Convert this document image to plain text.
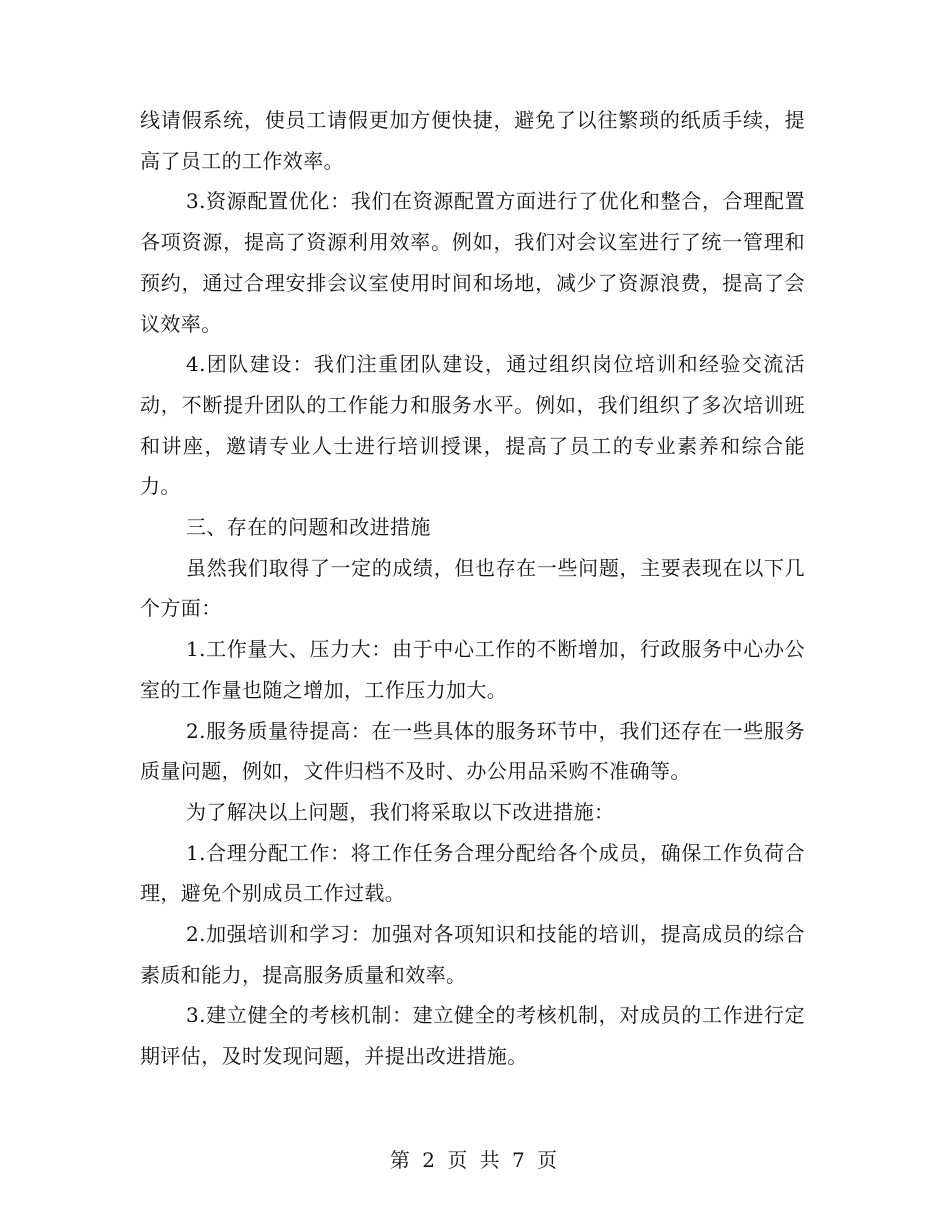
线请假系统，使员工请假更加方便快捷，避免了以往繁琐的纸质手续，提高了员工的工作效率。

3.资源配置优化：我们在资源配置方面进行了优化和整合，合理配置各项资源，提高了资源利用效率。例如，我们对会议室进行了统一管理和预约，通过合理安排会议室使用时间和场地，减少了资源浪费，提高了会议效率。

4.团队建设：我们注重团队建设，通过组织岗位培训和经验交流活动，不断提升团队的工作能力和服务水平。例如，我们组织了多次培训班和讲座，邀请专业人士进行培训授课，提高了员工的专业素养和综合能力。

三、存在的问题和改进措施

虽然我们取得了一定的成绩，但也存在一些问题，主要表现在以下几个方面：

1.工作量大、压力大：由于中心工作的不断增加，行政服务中心办公室的工作量也随之增加，工作压力加大。

2.服务质量待提高：在一些具体的服务环节中，我们还存在一些服务质量问题，例如，文件归档不及时、办公用品采购不准确等。

为了解决以上问题，我们将采取以下改进措施：

1.合理分配工作：将工作任务合理分配给各个成员，确保工作负荷合理，避免个别成员工作过载。

2.加强培训和学习：加强对各项知识和技能的培训，提高成员的综合素质和能力，提高服务质量和效率。

3.建立健全的考核机制：建立健全的考核机制，对成员的工作进行定期评估，及时发现问题，并提出改进措施。

第 2 页 共 7 页
